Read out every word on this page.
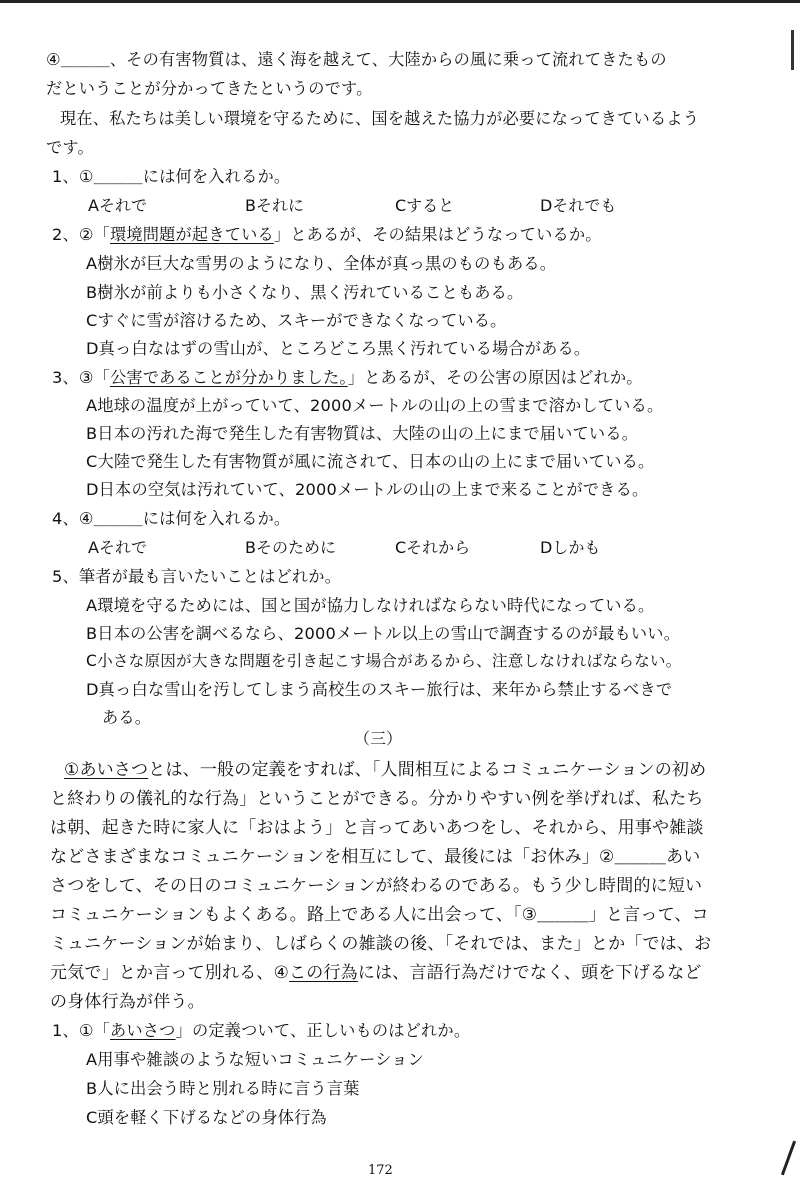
④＿＿＿、その有害物質は、遠く海を越えて、大陸からの風に乗って流れてきたもの
だということが分かってきたというのです。
現在、私たちは美しい環境を守るために、国を越えた協力が必要になってきているよう
です。
1、①＿＿＿には何を入れるか。
Aそれで	Bそれに	Cすると	Dそれでも
2、②「環境問題が起きている」とあるが、その結果はどうなっているか。
A樹氷が巨大な雪男のようになり、全体が真っ黒のものもある。
B樹氷が前よりも小さくなり、黒く汚れていることもある。
Cすぐに雪が溶けるため、スキーができなくなっている。
D真っ白なはずの雪山が、ところどころ黒く汚れている場合がある。
3、③「公害であることが分かりました。」とあるが、その公害の原因はどれか。
A地球の温度が上がっていて、2000メートルの山の上の雪まで溶かしている。
B日本の汚れた海で発生した有害物質は、大陸の山の上にまで届いている。
C大陸で発生した有害物質が風に流されて、日本の山の上にまで届いている。
D日本の空気は汚れていて、2000メートルの山の上まで来ることができる。
4、④＿＿＿には何を入れるか。
Aそれで	Bそのために	Cそれから	Dしかも
5、筆者が最も言いたいことはどれか。
A環境を守るためには、国と国が協力しなければならない時代になっている。
B日本の公害を調べるなら、2000メートル以上の雪山で調査するのが最もいい。
C小さな原因が大きな問題を引き起こす場合があるから、注意しなければならない。
D真っ白な雪山を汚してしまう高校生のスキー旅行は、来年から禁止するべきで
ある。
（三）
①あいさつとは、一般の定義をすれば、「人間相互によるコミュニケーションの初め
と終わりの儀礼的な行為」ということができる。分かりやすい例を挙げれば、私たち
は朝、起きた時に家人に「おはよう」と言ってあいあつをし、それから、用事や雑談
などさまざまなコミュニケーションを相互にして、最後には「お休み」②＿＿＿あい
さつをして、その日のコミュニケーションが終わるのである。もう少し時間的に短い
コミュニケーションもよくある。路上である人に出会って、「③＿＿＿」と言って、コ
ミュニケーションが始まり、しばらくの雑談の後、「それでは、また」とか「では、お
元気で」とか言って別れる、④この行為には、言語行為だけでなく、頭を下げるなど
の身体行為が伴う。
1、①「あいさつ」の定義ついて、正しいものはどれか。
A用事や雑談のような短いコミュニケーション
B人に出会う時と別れる時に言う言葉
C頭を軽く下げるなどの身体行為
172
